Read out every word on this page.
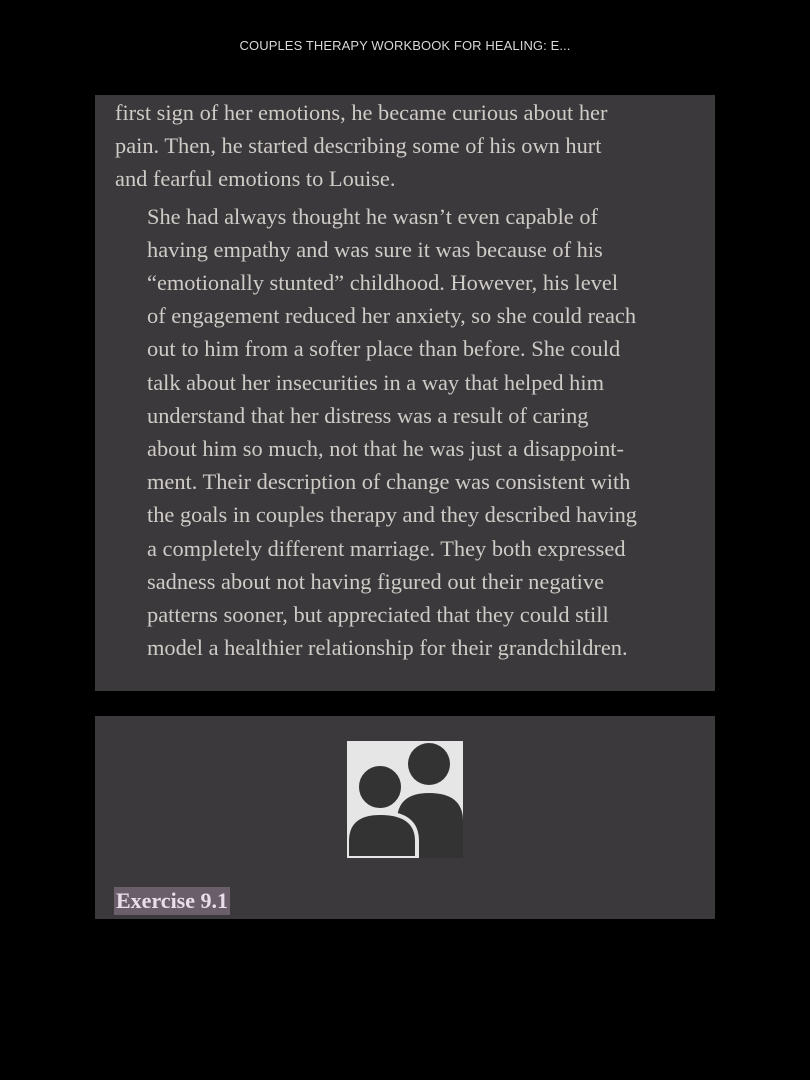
COUPLES THERAPY WORKBOOK FOR HEALING: E...

first sign of her emotions, he became curious about her
pain. Then, he started describing some of his own hurt
and fearful emotions to Louise.

She had always thought he wasn’t even capable of
having empathy and was sure it was because of his
“emotionally stunted” childhood. However, his level
of engagement reduced her anxiety, so she could reach
out to him from a softer place than before. She could
talk about her insecurities in a way that helped him
understand that her distress was a result of caring
about him so much, not that he was just a disappoint-
ment. Their description of change was consistent with
the goals in couples therapy and they described having
a completely different marriage. They both expressed
sadness about not having figured out their negative
patterns sooner, but appreciated that they could still
model a healthier relationship for their grandchildren.

Exercise 9.1
